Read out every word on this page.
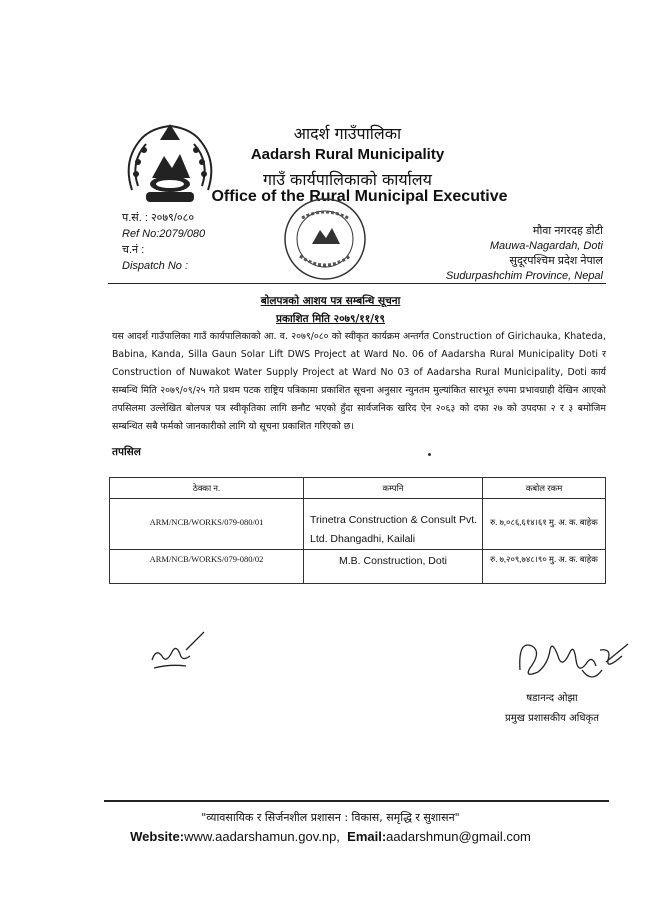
आदर्श गाउँपालिका
Aadarsh Rural Municipality
गाउँ कार्यपालिकाको कार्यालय
Office of the Rural Municipal Executive
प.सं. : २०७९/०८०
Ref No:2079/080
च.नं :
Dispatch No :
मौवा नगरदह डोटी
Mauwa-Nagardah, Doti
सुदूरपश्चिम प्रदेश नेपाल
Sudurpashchim Province, Nepal
बोलपत्रको आशय पत्र सम्बन्धि सूचना
प्रकाशित मिति २०७९/११/१९
यस आदर्श गाउँपालिका गाउँ कार्यपालिकाको आ. व. २०७९/०८० को स्वीकृत कार्यक्रम अन्तर्गत Construction of Girichauka, Khateda, Babina, Kanda, Silla Gaun Solar Lift DWS Project at Ward No. 06 of Aadarsha Rural Municipality Doti र Construction of Nuwakot Water Supply Project at Ward No 03 of Aadarsha Rural Municipality, Doti कार्य सम्बन्धि मिति २०७९/०९/२५ गते प्रथम पटक राष्ट्रिय पत्रिकामा प्रकाशित सूचना अनुसार न्युनतम मुल्यांकित सारभूत रुपमा प्रभावग्राही देखिन आएको तपसिलमा उल्लेखित बोलपत्र पत्र स्वीकृतिका लागि छनौट भएको हुँदा सार्वजनिक खरिद ऐन २०६३ को दफा २७ को उपदफा २ र ३ बमोजिम सम्बन्धित सबै फर्मको जानकारीको लागि यो सूचना प्रकाशित गरिएको छ।
तपसिल
ठेक्का न.	कम्पनि	कबोल रकम
ARM/NCB/WORKS/079-080/01	Trinetra Construction & Consult Pvt. Ltd. Dhangadhi, Kailali	रु. ७,०८६,६१४।६१ मु. अ. क. बाहेक
ARM/NCB/WORKS/079-080/02	M.B. Construction, Doti	रु. ७,२०९,७४८।९० मु. अ. क. बाहेक
षडानन्द ओझा
प्रमुख प्रशासकीय अधिकृत
"व्यावसायिक र सिर्जनशील प्रशासन : विकास, समृद्धि र सुशासन"
Website:www.aadarshamun.gov.np, Email:aadarshmun@gmail.com
